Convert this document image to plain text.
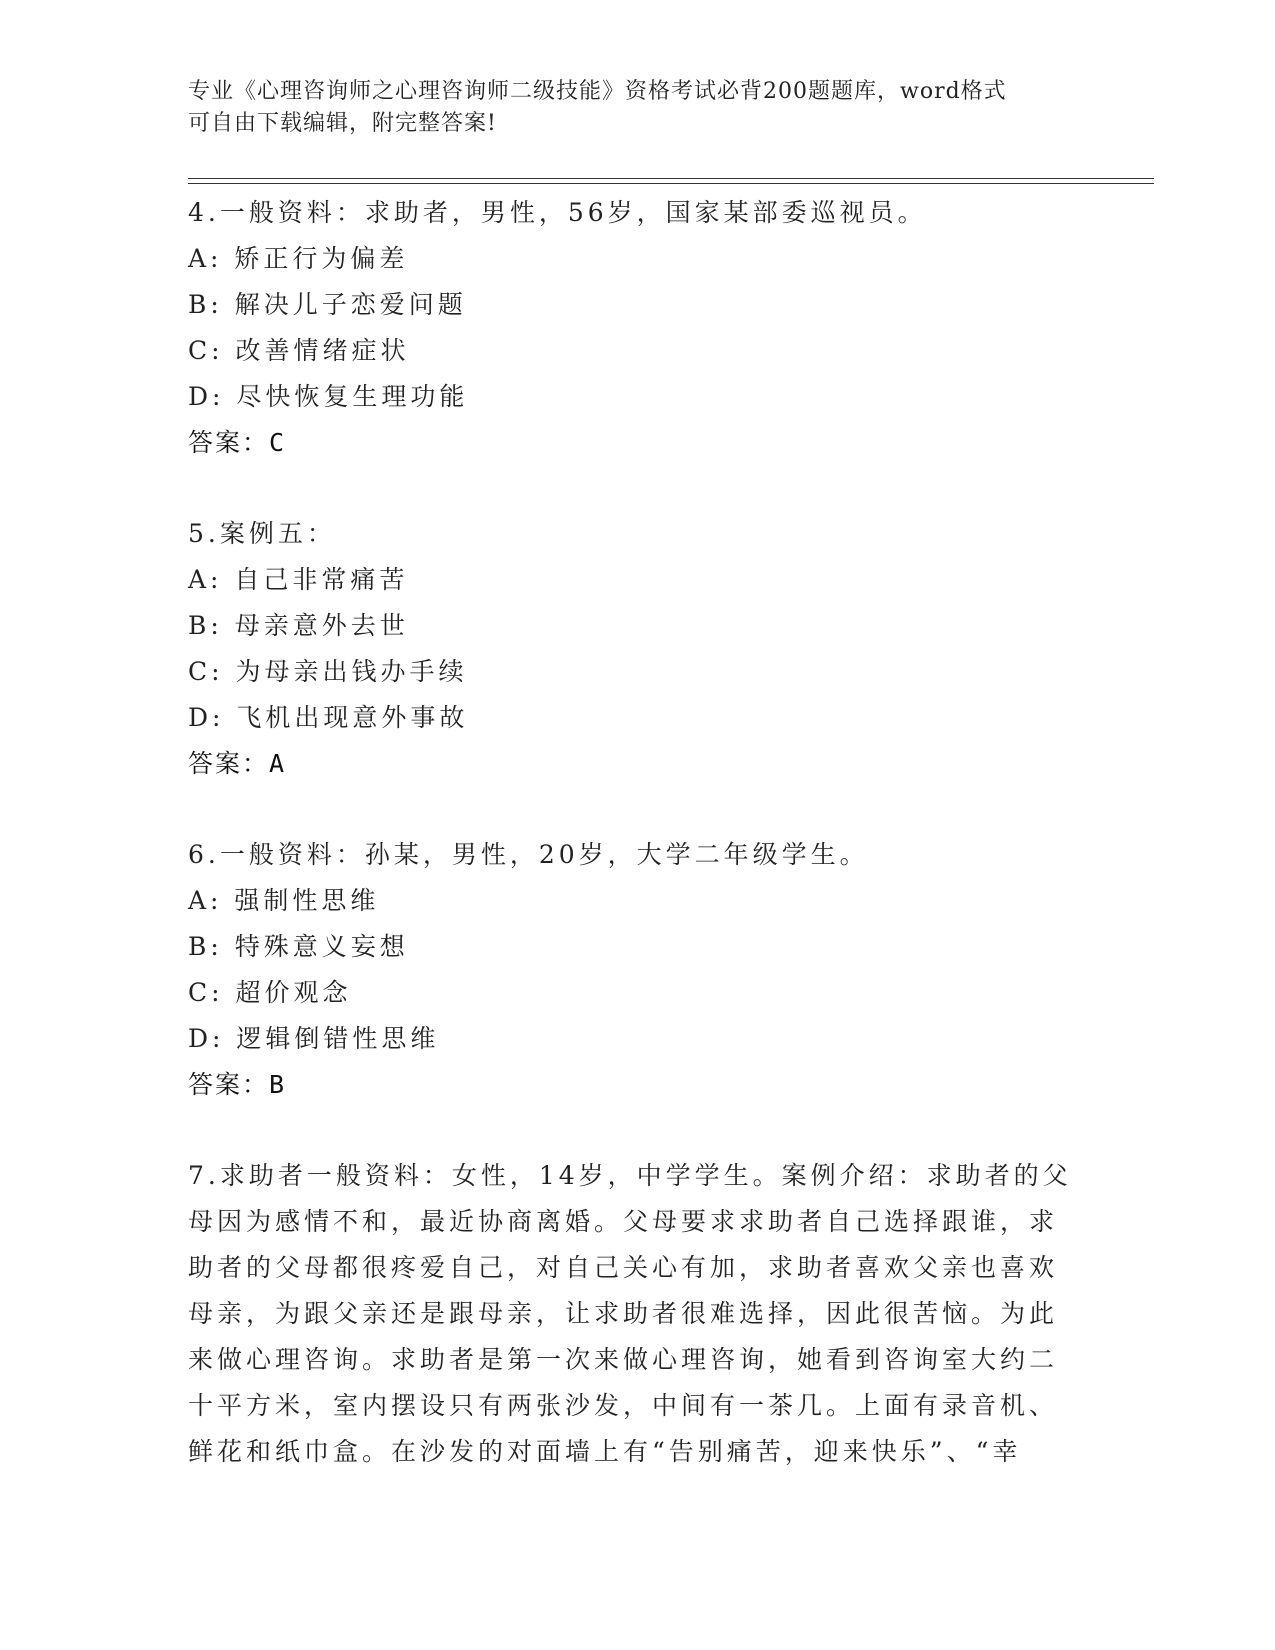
专业《心理咨询师之心理咨询师二级技能》资格考试必背200题题库，word格式
可自由下载编辑，附完整答案!
4.一般资料：求助者，男性，56岁，国家某部委巡视员。
A: 矫正行为偏差
B: 解决儿子恋爱问题
C: 改善情绪症状
D: 尽快恢复生理功能
答案：C
5.案例五：
A: 自己非常痛苦
B: 母亲意外去世
C: 为母亲出钱办手续
D: 飞机出现意外事故
答案：A
6.一般资料：孙某，男性，20岁，大学二年级学生。
A: 强制性思维
B: 特殊意义妄想
C: 超价观念
D: 逻辑倒错性思维
答案：B
7.求助者一般资料：女性，14岁，中学学生。案例介绍：求助者的父
母因为感情不和，最近协商离婚。父母要求求助者自己选择跟谁，求
助者的父母都很疼爱自己，对自己关心有加，求助者喜欢父亲也喜欢
母亲，为跟父亲还是跟母亲，让求助者很难选择，因此很苦恼。为此
来做心理咨询。求助者是第一次来做心理咨询，她看到咨询室大约二
十平方米，室内摆设只有两张沙发，中间有一茶几。上面有录音机、
鲜花和纸巾盒。在沙发的对面墙上有“告别痛苦，迎来快乐”、“幸
